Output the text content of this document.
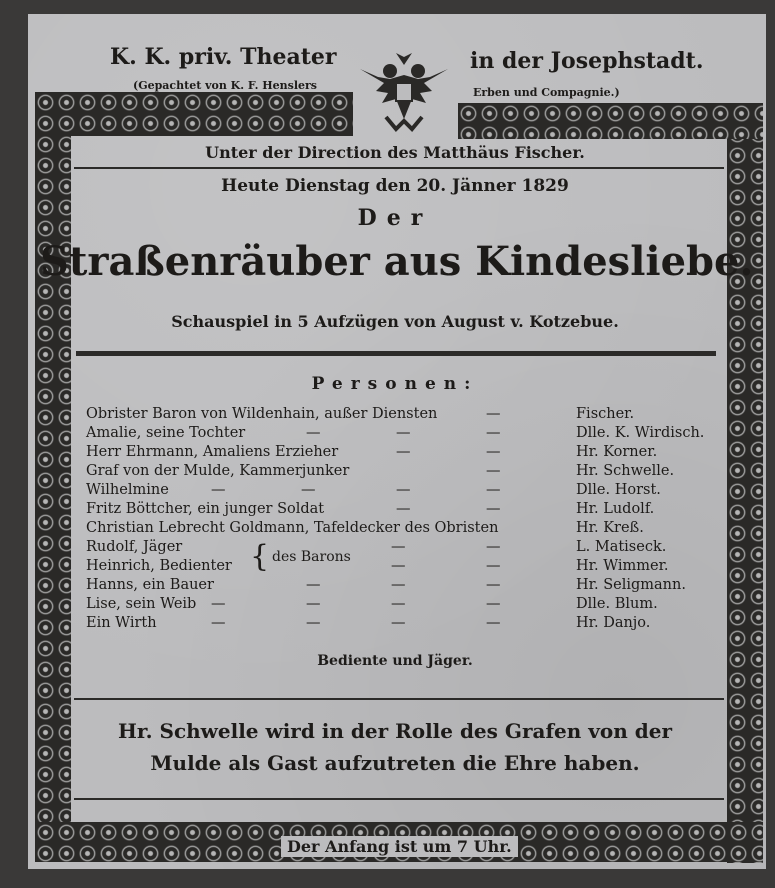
K. K. priv. Theater	in der Josephstadt.
(Gepachtet von K. F. Henslers
Erben und Compagnie.)
Unter der Direction des Matthäus Fischer.
Heute Dienstag den 20. Jänner 1829
Der
Straßenräuber aus Kindesliebe.
Schauspiel in 5 Aufzügen von August v. Kotzebue.
Personen:
Obrister Baron von Wildenhain, außer Diensten	—	Fischer.
Amalie, seine Tochter	—	—	—	Dlle. K. Wirdisch.
Herr Ehrmann, Amaliens Erzieher	—	—	Hr. Korner.
Graf von der Mulde, Kammerjunker	—	Hr. Schwelle.
Wilhelmine	—	—	—	—	Dlle. Horst.
Fritz Böttcher, ein junger Soldat	—	—	Hr. Ludolf.
Christian Lebrecht Goldmann, Tafeldecker des Obristen	Hr. Kreß.
Rudolf, Jäger	—	—	L. Matiseck.
Heinrich, Bedienter	—	—	Hr. Wimmer.
{ des Barons
Hanns, ein Bauer	—	—	—	Hr. Seligmann.
Lise, sein Weib —	—	—	—	Dlle. Blum.
Ein Wirth	—	—	—	—	Hr. Danjo.
Bediente und Jäger.
Hr. Schwelle wird in der Rolle des Grafen von der
Mulde als Gast aufzutreten die Ehre haben.
Der Anfang ist um 7 Uhr.
